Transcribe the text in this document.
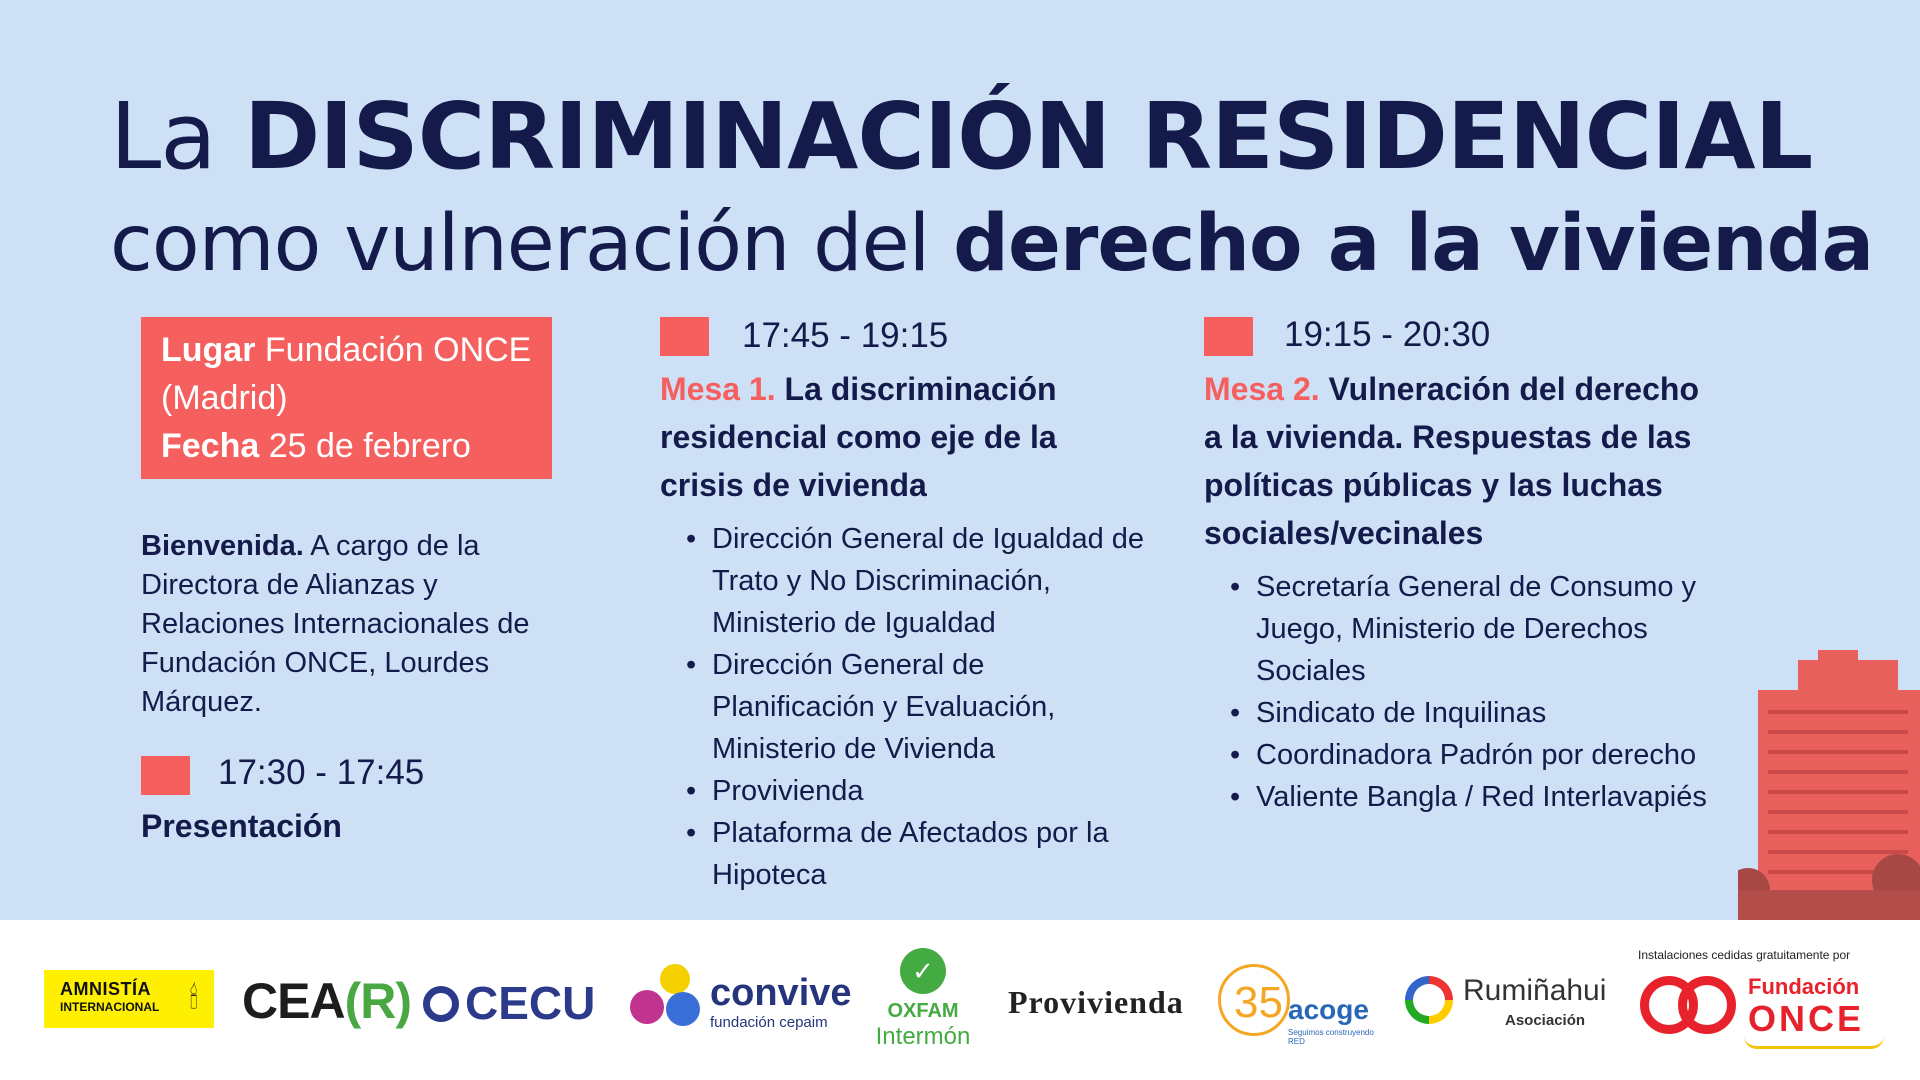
La DISCRIMINACIÓN RESIDENCIAL
como vulneración del derecho a la vivienda
Lugar Fundación ONCE (Madrid)
Fecha 25 de febrero
Bienvenida. A cargo de la Directora de Alianzas y Relaciones Internacionales de Fundación ONCE, Lourdes Márquez.
17:30 - 17:45
Presentación
17:45 - 19:15
Mesa 1. La discriminación residencial como eje de la crisis de vivienda
• Dirección General de Igualdad de Trato y No Discriminación, Ministerio de Igualdad
• Dirección General de Planificación y Evaluación, Ministerio de Vivienda
• Provivienda
• Plataforma de Afectados por la Hipoteca
19:15 - 20:30
Mesa 2. Vulneración del derecho a la vivienda. Respuestas de las políticas públicas y las luchas sociales/vecinales
• Secretaría General de Consumo y Juego, Ministerio de Derechos Sociales
• Sindicato de Inquilinas
• Coordinadora Padrón por derecho
• Valiente Bangla / Red Interlavapiés
AMNISTÍA
INTERNACIONAL	🕯 CEA(R)	CECU	convive
fundación cepaim
✓
OXFAM
Intermón
Provivienda 35 acoge
Seguimos construyendo RED
Rumiñahui
Asociación
Instalaciones cedidas gratuitamente por
Fundación
ONCE
